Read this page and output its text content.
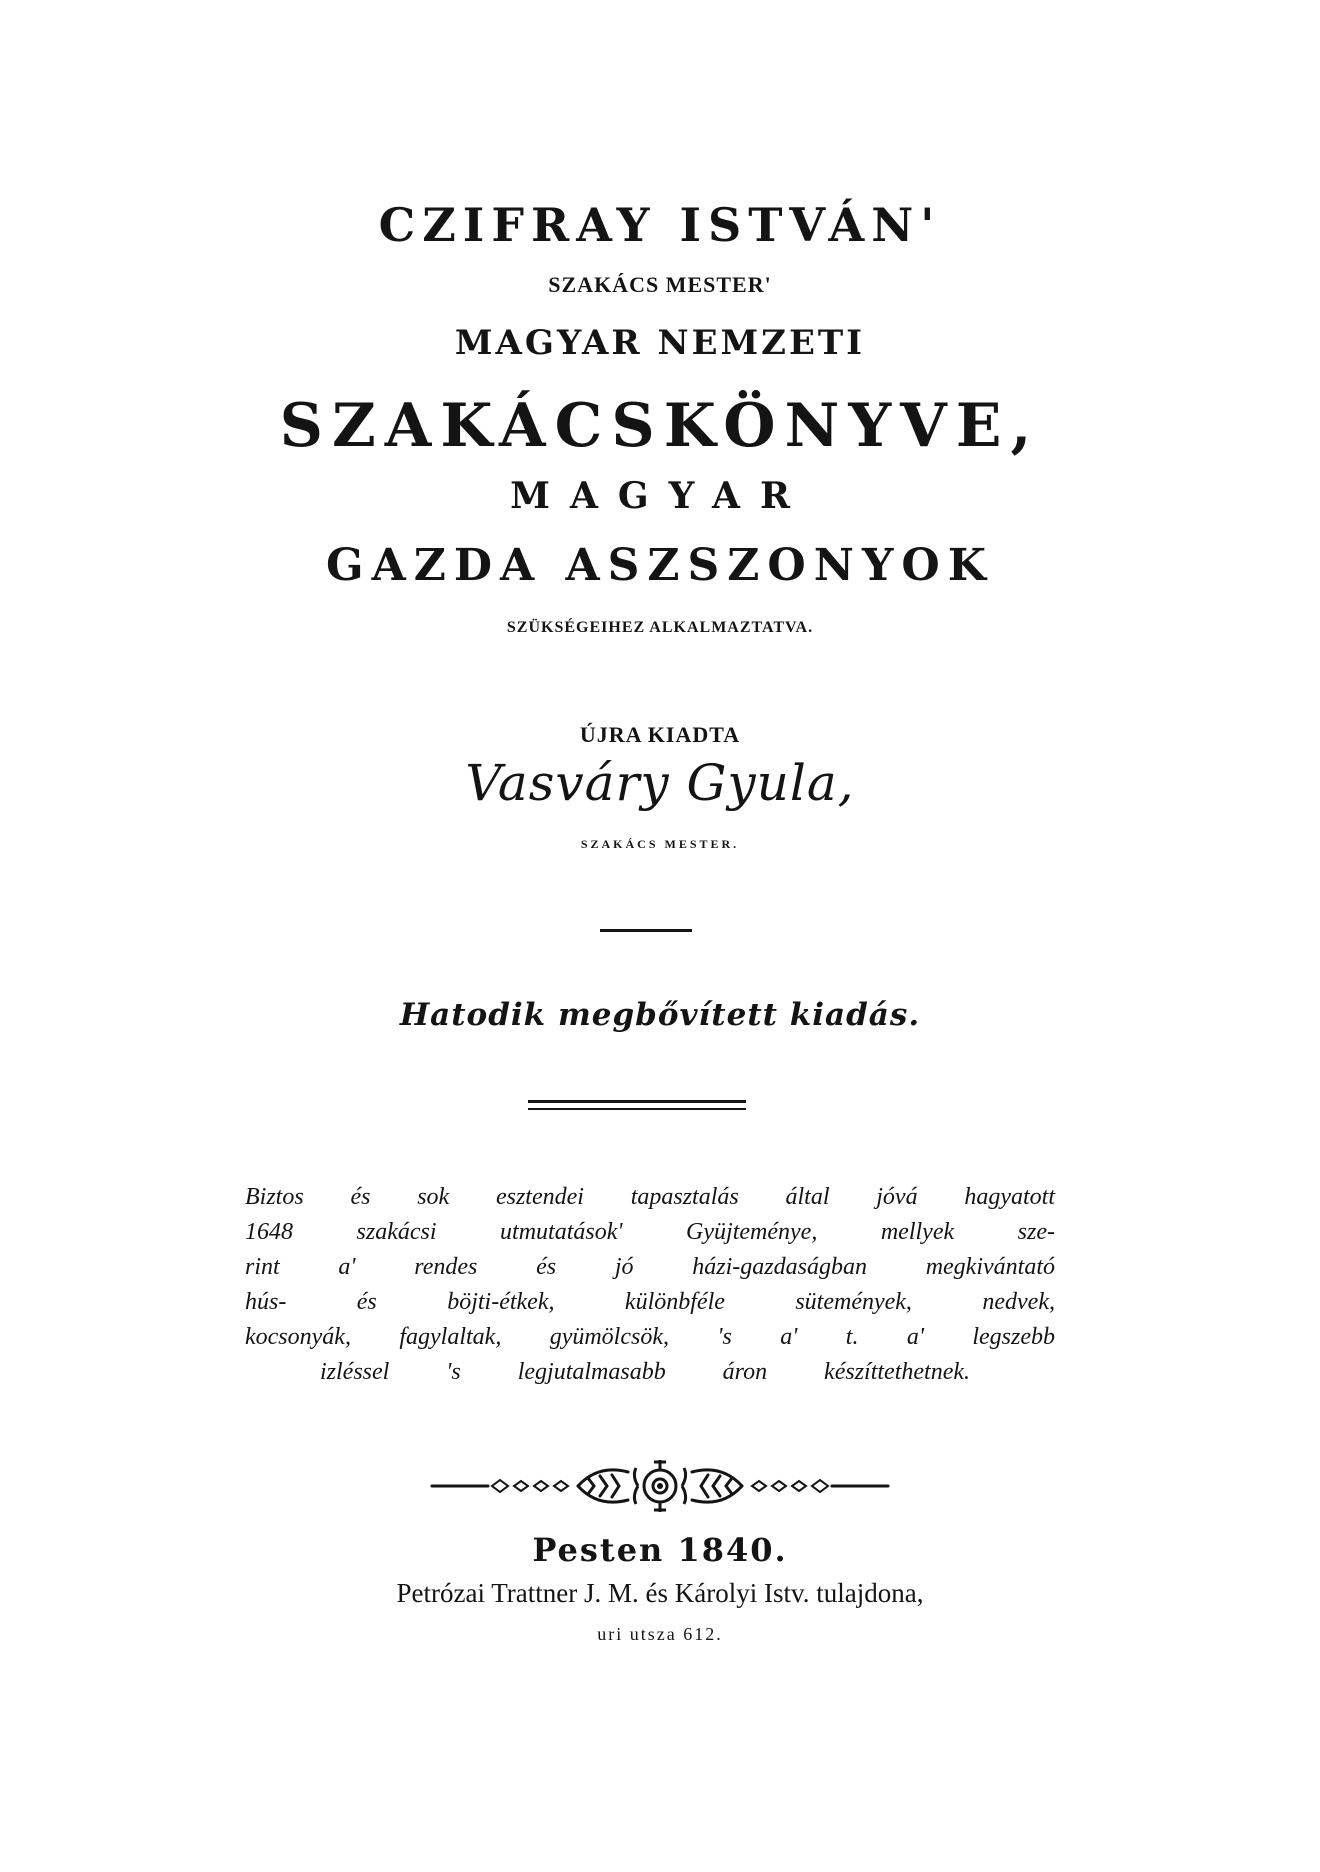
CZIFRAY ISTVÁN'
SZAKÁCS MESTER'
MAGYAR NEMZETI
SZAKÁCSKÖNYVE,
MAGYAR
GAZDA ASZSZONYOK
SZÜKSÉGEIHEZ ALKALMAZTATVA.
ÚJRA KIADTA
Vasváry Gyula,
SZAKÁCS MESTER.
Hatodik megbővített kiadás.
Biztos és sok esztendei tapasztalás által jóvá hagyatott
1648 szakácsi utmutatások' Gyüjteménye, mellyek sze-
rint a' rendes és jó házi-gazdaságban megkivántató
hús- és böjti-étkek, különbféle sütemények, nedvek,
kocsonyák, fagylaltak, gyümölcsök, 's a' t. a' legszebb
izléssel 's legjutalmasabb áron készíttethetnek.
Pesten 1840.
Petrózai Trattner J. M. és Károlyi Istv. tulajdona,
uri utsza 612.
